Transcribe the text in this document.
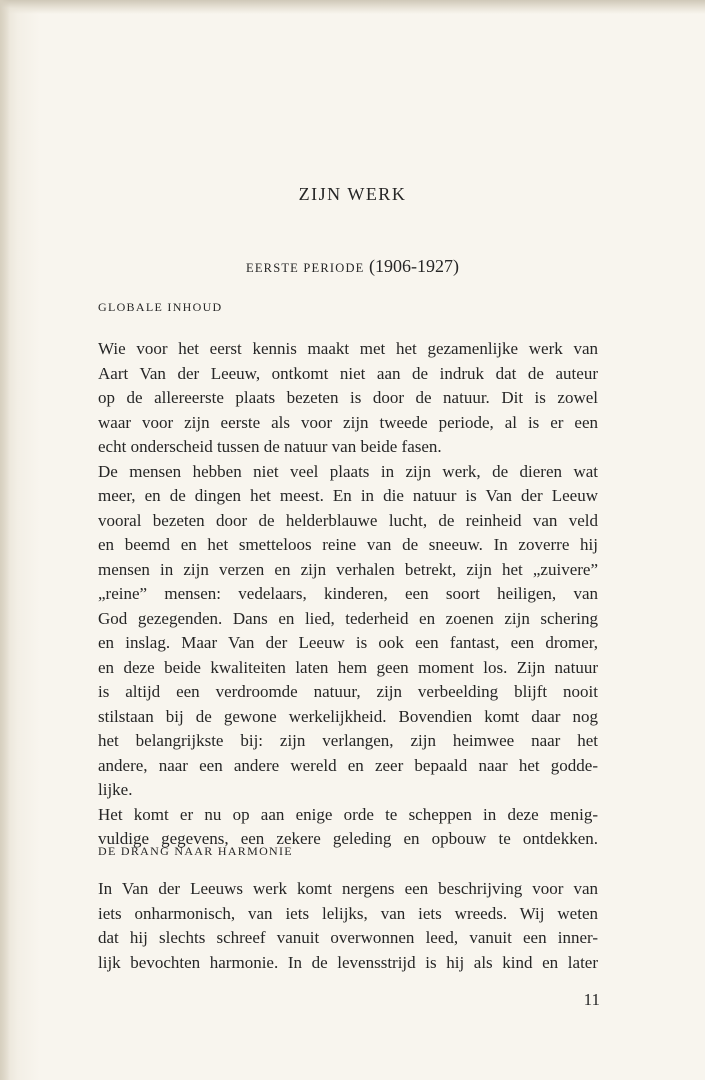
ZIJN WERK
EERSTE PERIODE (1906-1927)
GLOBALE INHOUD
Wie voor het eerst kennis maakt met het gezamenlijke werk van
Aart Van der Leeuw, ontkomt niet aan de indruk dat de auteur
op de allereerste plaats bezeten is door de natuur. Dit is zowel
waar voor zijn eerste als voor zijn tweede periode, al is er een
echt onderscheid tussen de natuur van beide fasen.
De mensen hebben niet veel plaats in zijn werk, de dieren wat
meer, en de dingen het meest. En in die natuur is Van der Leeuw
vooral bezeten door de helderblauwe lucht, de reinheid van veld
en beemd en het smetteloos reine van de sneeuw. In zoverre hij
mensen in zijn verzen en zijn verhalen betrekt, zijn het „zuivere”
„reine” mensen: vedelaars, kinderen, een soort heiligen, van
God gezegenden. Dans en lied, tederheid en zoenen zijn schering
en inslag. Maar Van der Leeuw is ook een fantast, een dromer,
en deze beide kwaliteiten laten hem geen moment los. Zijn natuur
is altijd een verdroomde natuur, zijn verbeelding blijft nooit
stilstaan bij de gewone werkelijkheid. Bovendien komt daar nog
het belangrijkste bij: zijn verlangen, zijn heimwee naar het
andere, naar een andere wereld en zeer bepaald naar het godde-
lijke.
Het komt er nu op aan enige orde te scheppen in deze menig-
vuldige gegevens, een zekere geleding en opbouw te ontdekken.
DE DRANG NAAR HARMONIE
In Van der Leeuws werk komt nergens een beschrijving voor van
iets onharmonisch, van iets lelijks, van iets wreeds. Wij weten
dat hij slechts schreef vanuit overwonnen leed, vanuit een inner-
lijk bevochten harmonie. In de levensstrijd is hij als kind en later
11
